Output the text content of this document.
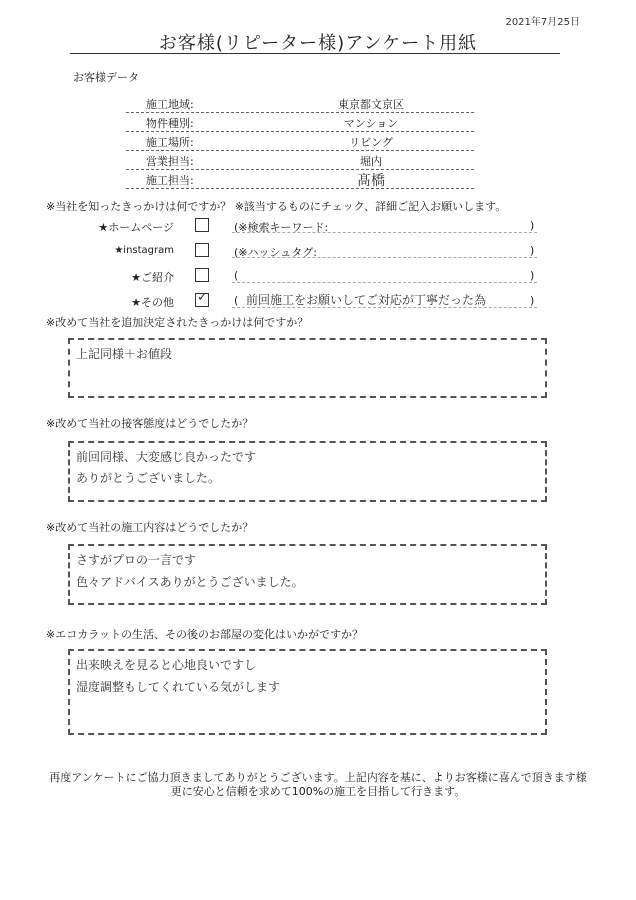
2021年7月25日
お客様(リピーター様)アンケート用紙
お客様データ
施工地域:	東京都文京区
物件種別:	マンション
施工場所:	リビング
営業担当:	堀内
施工担当:	髙橋
※当社を知ったきっかけは何ですか？ ※該当するものにチェック、詳細ご記入お願いします。
★ホームページ	(※検索キーワード:	)
★instagram	(※ハッシュタグ:	)
★ご紹介	(	)
★その他 ✓ ( 前回施工をお願いしてご対応が丁寧だった為	)
※改めて当社を追加決定されたきっかけは何ですか？
上記同様＋お値段
※改めて当社の接客態度はどうでしたか？
前回同様、大変感じ良かったです
ありがとうございました。
※改めて当社の施工内容はどうでしたか？
さすがプロの一言です
色々アドバイスありがとうございました。
※エコカラットの生活、その後のお部屋の変化はいかがですか？
出来映えを見ると心地良いですし
湿度調整もしてくれている気がします
再度アンケートにご協力頂きましてありがとうございます。上記内容を基に、よりお客様に喜んで頂きます様
更に安心と信頼を求めて100%の施工を目指して行きます。
